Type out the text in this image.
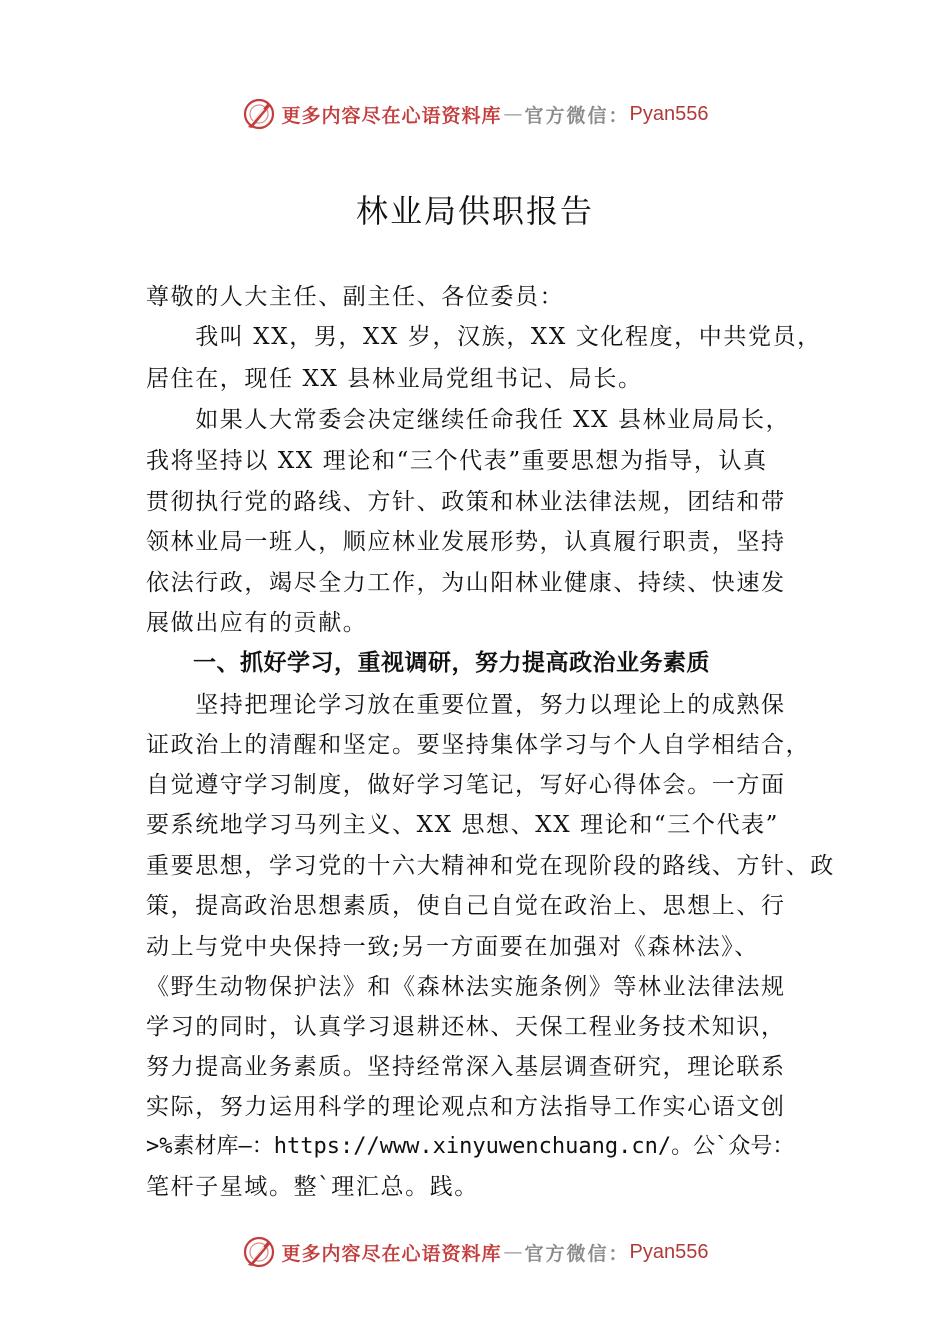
更多内容尽在心语资料库 — 官方微信： Pyan556
林业局供职报告
尊敬的人大主任、副主任、各位委员：
　　我叫 XX，男，XX 岁，汉族，XX 文化程度，中共党员，
居住在，现任 XX 县林业局党组书记、局长。
　　如果人大常委会决定继续任命我任 XX 县林业局局长，
我将坚持以 XX 理论和“三个代表”重要思想为指导，认真
贯彻执行党的路线、方针、政策和林业法律法规，团结和带
领林业局一班人，顺应林业发展形势，认真履行职责，坚持
依法行政，竭尽全力工作，为山阳林业健康、持续、快速发
展做出应有的贡献。
　　一、抓好学习，重视调研，努力提高政治业务素质
　　坚持把理论学习放在重要位置，努力以理论上的成熟保
证政治上的清醒和坚定。要坚持集体学习与个人自学相结合，
自觉遵守学习制度，做好学习笔记，写好心得体会。一方面
要系统地学习马列主义、XX 思想、XX 理论和“三个代表”
重要思想，学习党的十六大精神和党在现阶段的路线、方针、政
策，提高政治思想素质，使自己自觉在政治上、思想上、行
动上与党中央保持一致;另一方面要在加强对《森林法》、
《野生动物保护法》和《森林法实施条例》等林业法律法规
学习的同时，认真学习退耕还林、天保工程业务技术知识，
努力提高业务素质。坚持经常深入基层调查研究，理论联系
实际，努力运用科学的理论观点和方法指导工作实心语文创
>%素材库—：https://www.xinyuwenchuang.cn/。公`众号：
笔杆子星域。整`理汇总。践。
更多内容尽在心语资料库 — 官方微信： Pyan556
